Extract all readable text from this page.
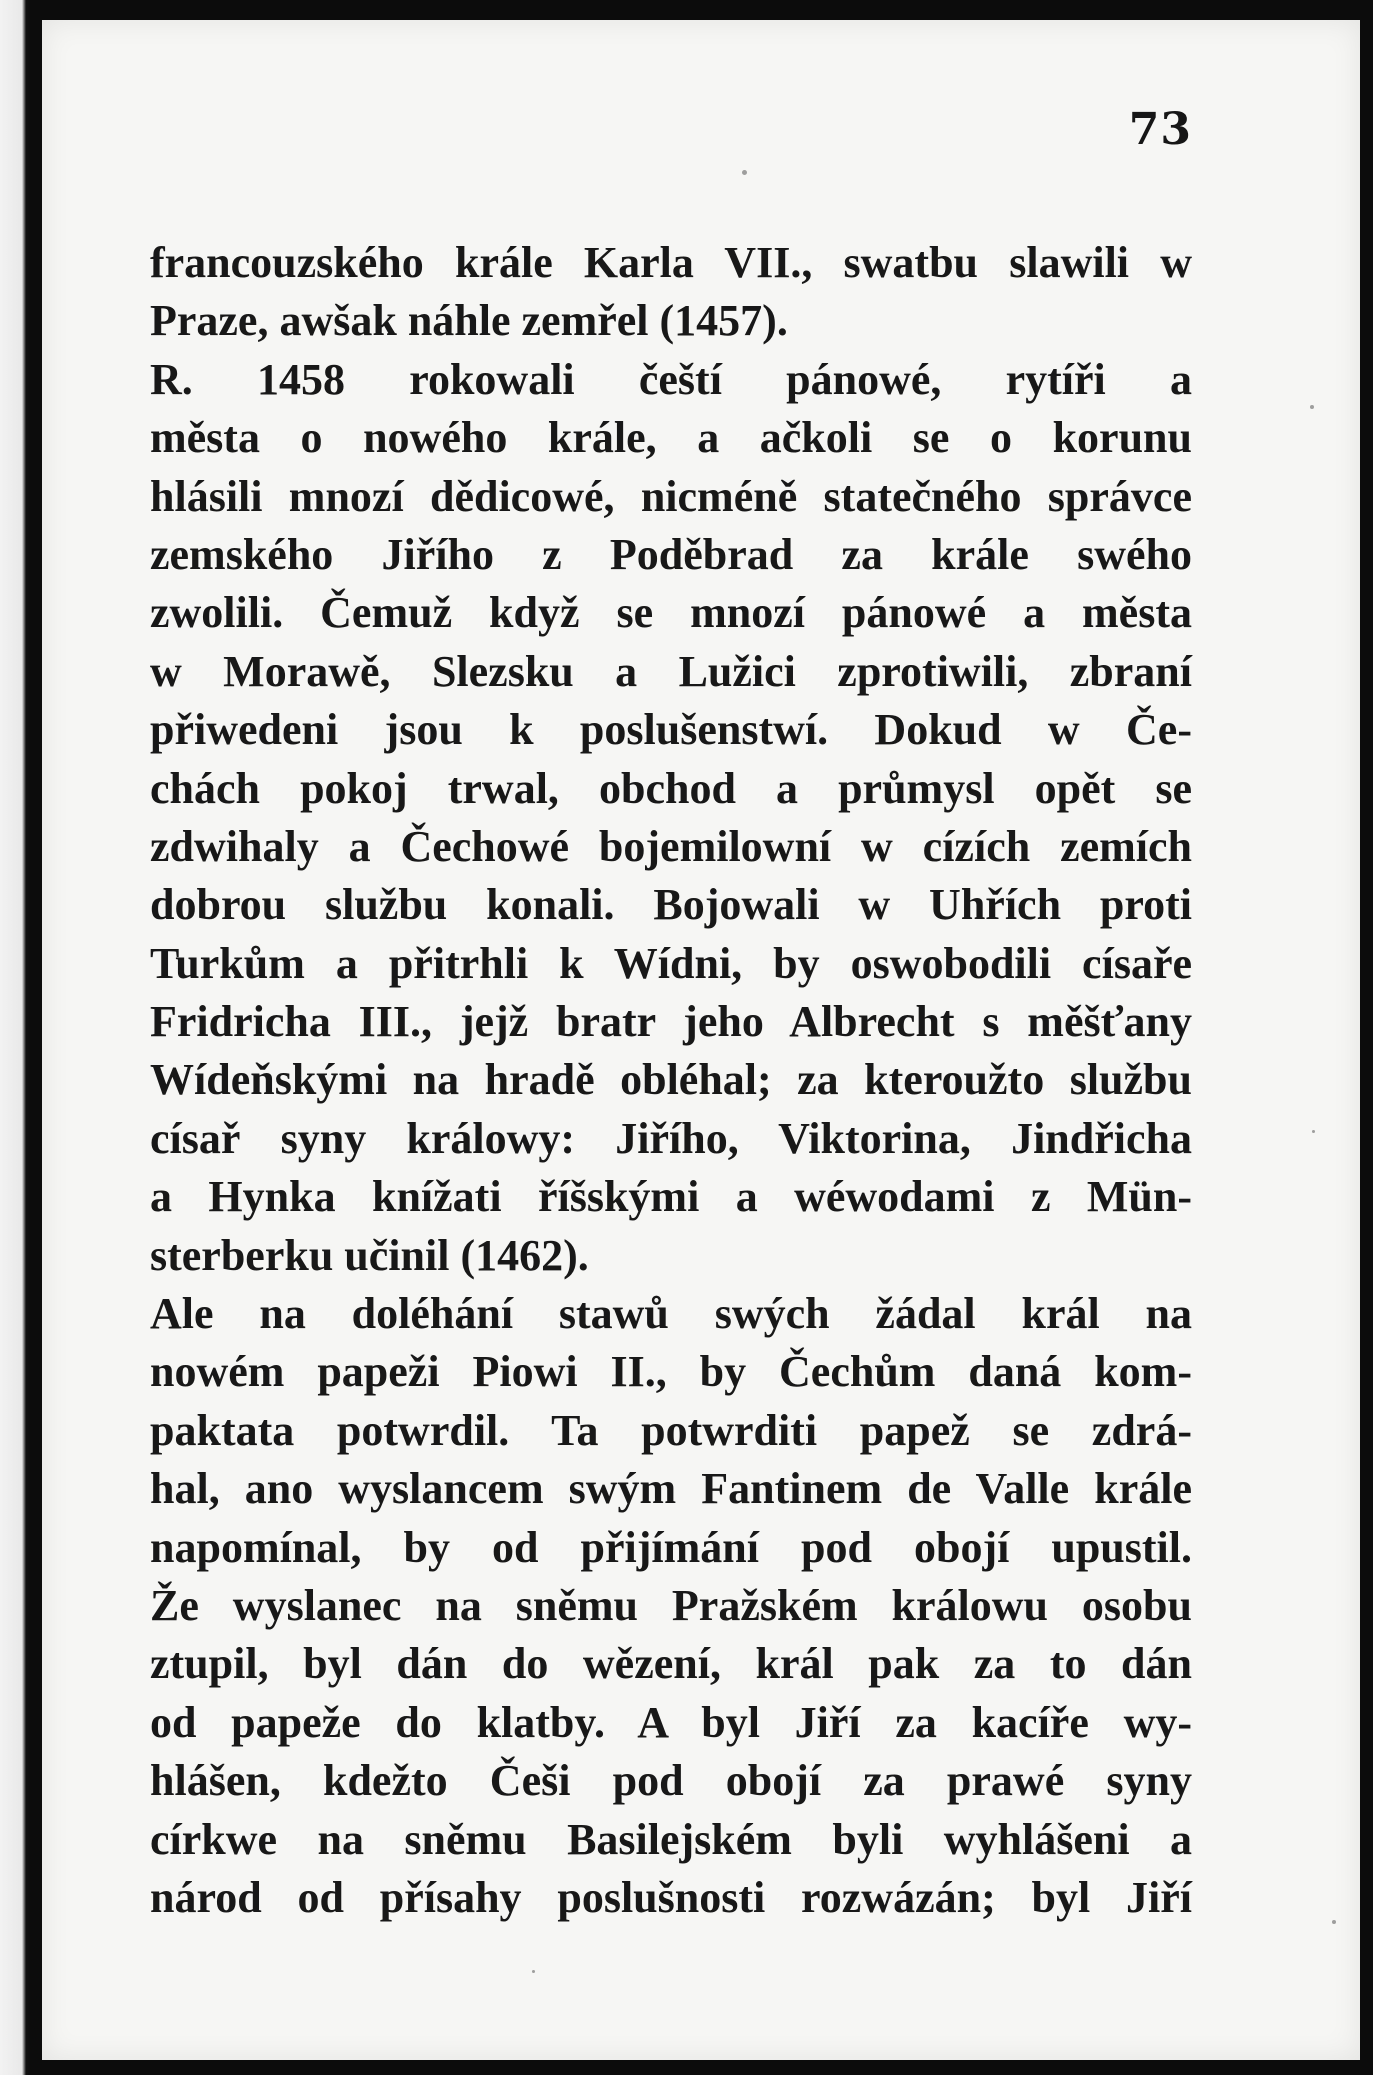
73
francouzského krále Karla VII., swatbu slawili w
Praze, awšak náhle zemřel (1457).
R. 1458 rokowali čeští pánowé, rytíři a
města o nowého krále, a ačkoli se o korunu
hlásili mnozí dědicowé, nicméně statečného správce
zemského Jiřího z Poděbrad za krále swého
zwolili. Čemuž když se mnozí pánowé a města
w Morawě, Slezsku a Lužici zprotiwili, zbraní
přiwedeni jsou k poslušenstwí. Dokud w Če-
chách pokoj trwal, obchod a průmysl opět se
zdwihaly a Čechowé bojemilowní w cízích zemích
dobrou službu konali. Bojowali w Uhřích proti
Turkům a přitrhli k Wídni, by oswobodili císaře
Fridricha III., jejž bratr jeho Albrecht s měšťany
Wídeňskými na hradě obléhal; za kteroužto službu
císař syny králowy: Jiřího, Viktorina, Jindřicha
a Hynka knížati říšskými a wéwodami z Mün-
sterberku učinil (1462).
Ale na doléhání stawů swých žádal král na
nowém papeži Piowi II., by Čechům daná kom-
paktata potwrdil. Ta potwrditi papež se zdrá-
hal, ano wyslancem swým Fantinem de Valle krále
napomínal, by od přijímání pod obojí upustil.
Že wyslanec na sněmu Pražském králowu osobu
ztupil, byl dán do wězení, král pak za to dán
od papeže do klatby. A byl Jiří za kacíře wy-
hlášen, kdežto Češi pod obojí za prawé syny
církwe na sněmu Basilejském byli wyhlášeni a
národ od přísahy poslušnosti rozwázán; byl Jiří
